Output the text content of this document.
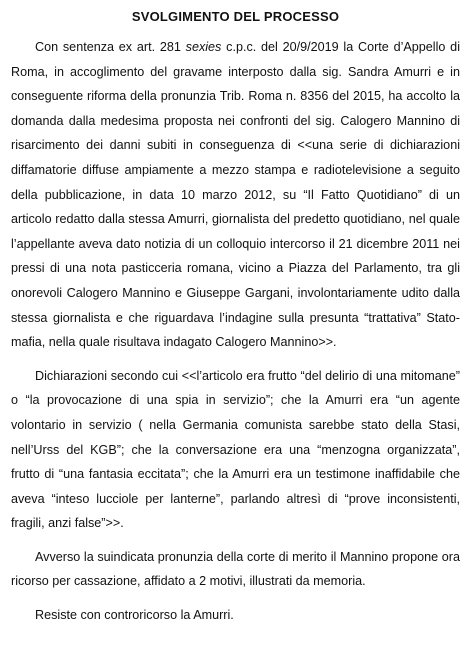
SVOLGIMENTO DEL PROCESSO

Con sentenza ex art. 281 sexies c.p.c. del 20/9/2019 la Corte d’Appello di Roma, in accoglimento del gravame interposto dalla sig. Sandra Amurri e in conseguente riforma della pronunzia Trib. Roma n. 8356 del 2015, ha accolto la domanda dalla medesima proposta nei confronti del sig. Calogero Mannino di risarcimento dei danni subiti in conseguenza di <<una serie di dichiarazioni diffamatorie diffuse ampiamente a mezzo stampa e radiotelevisione a seguito della pubblicazione, in data 10 marzo 2012, su “Il Fatto Quotidiano” di un articolo redatto dalla stessa Amurri, giornalista del predetto quotidiano, nel quale l’appellante aveva dato notizia di un colloquio intercorso il 21 dicembre 2011 nei pressi di una nota pasticceria romana, vicino a Piazza del Parlamento, tra gli onorevoli Calogero Mannino e Giuseppe Gargani, involontariamente udito dalla stessa giornalista e che riguardava l’indagine sulla presunta “trattativa” Stato-mafia, nella quale risultava indagato Calogero Mannino>>.

Dichiarazioni secondo cui <<l’articolo era frutto “del delirio di una mitomane” o “la provocazione di una spia in servizio”; che la Amurri era “un agente volontario in servizio ( nella Germania comunista sarebbe stato della Stasi, nell’Urss del KGB”; che la conversazione era una “menzogna organizzata”, frutto di “una fantasia eccitata”; che la Amurri era un testimone inaffidabile che aveva “inteso lucciole per lanterne”, parlando altresì di “prove inconsistenti, fragili, anzi false”>>.

Avverso la suindicata pronunzia della corte di merito il Mannino propone ora ricorso per cassazione, affidato a 2 motivi, illustrati da memoria.

Resiste con controricorso la Amurri.
